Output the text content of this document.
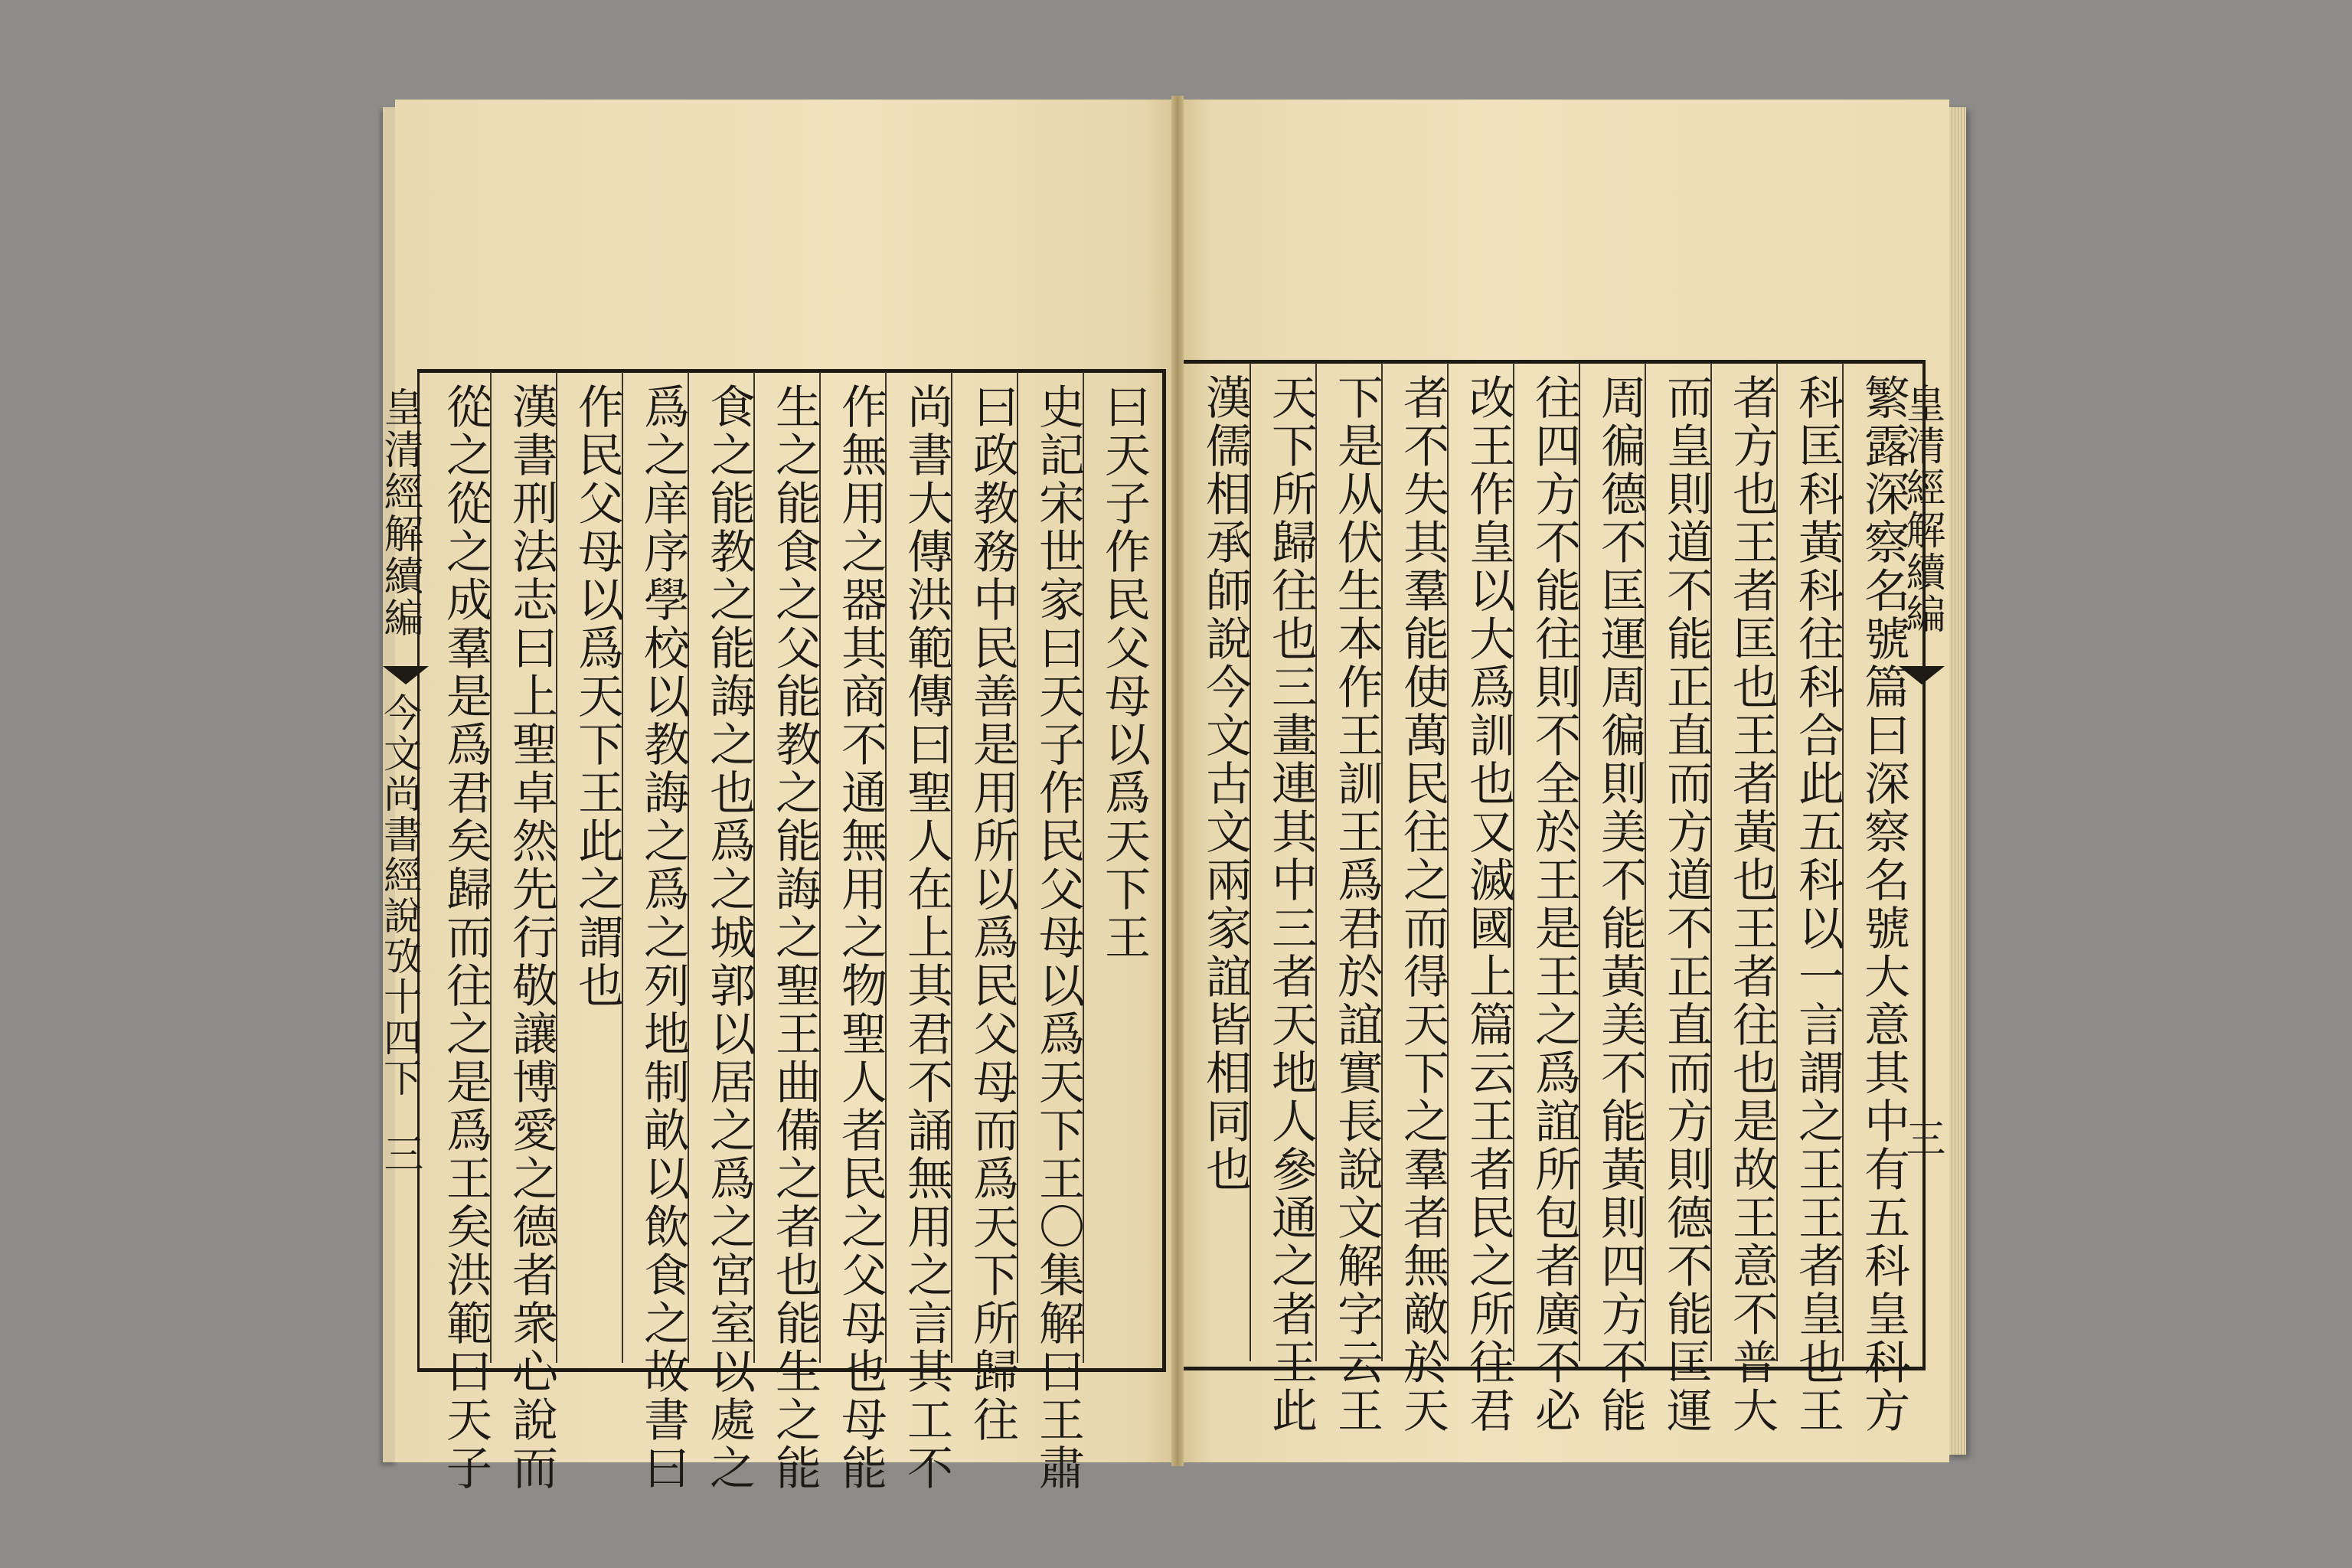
皇清經解續編
今文尚書經說攷十四下
三
皇清經解續編
三
曰天子作民父母以爲天下王
史記宋世家曰天子作民父母以爲天下王〇集解曰王肅
曰政教務中民善是用所以爲民父母而爲天下所歸往
尚書大傳洪範傳曰聖人在上其君不誦無用之言其工不
作無用之器其商不通無用之物聖人者民之父母也母能
生之能食之父能教之能誨之聖王曲備之者也能生之能
食之能教之能誨之也爲之城郭以居之爲之宮室以處之
爲之庠序學校以教誨之爲之列地制畝以飲食之故書曰
作民父母以爲天下王此之謂也
漢書刑法志曰上聖卓然先行敬讓博愛之德者衆心說而
從之從之成羣是爲君矣歸而往之是爲王矣洪範曰天子	繁露深察名號篇曰深察名號大意其中有五科皇科方
科匡科黃科往科合此五科以一言謂之王王者皇也王
者方也王者匡也王者黃也王者往也是故王意不普大
而皇則道不能正直而方道不正直而方則德不能匡運
周徧德不匡運周徧則美不能黃美不能黃則四方不能
往四方不能往則不全於王是王之爲誼所包者廣不必
改王作皇以大爲訓也又滅國上篇云王者民之所往君
者不失其羣能使萬民往之而得天下之羣者無敵於天
下是从伏生本作王訓王爲君於誼實長說文解字云王
天下所歸往也三畫連其中三者天地人參通之者王此
漢儒相承師說今文古文兩家誼皆相同也
